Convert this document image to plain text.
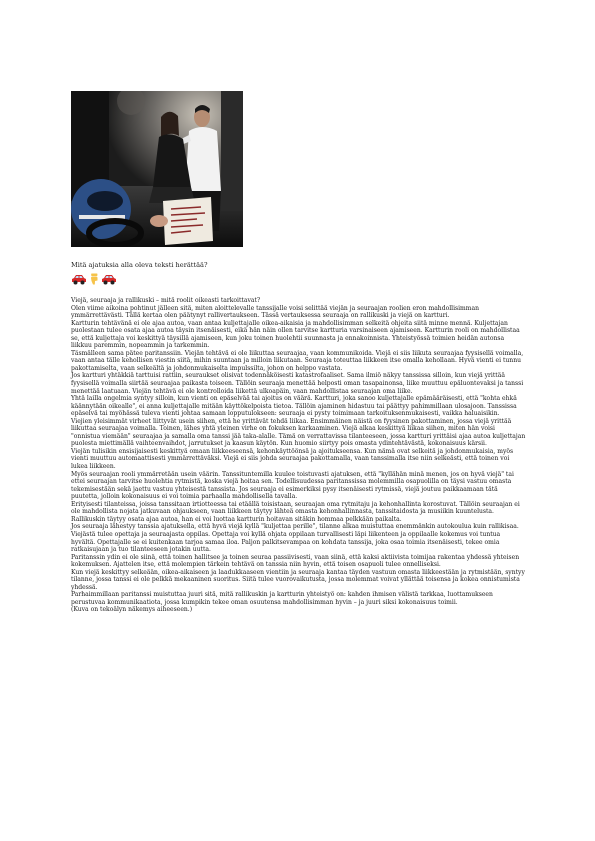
Mitä ajatuksia alla oleva teksti herättää?

Viejä, seuraaja ja rallikuski – mitä roolit oikeasti tarkoittavat?

Olen viime aikoina pohtinut jälleen sitä, miten aloittelevalle tanssijalle voisi selittää viejän ja seuraajan roolien eron mahdollisimman ymmärrettävästi. Tällä kertaa olen päätynyt rallivertaukseen. Tässä vertauksessa seuraaja on rallikuski ja viejä on kartturi.

Kartturin tehtävänä ei ole ajaa autoa, vaan antaa kuljettajalle oikea-aikaisia ja mahdollisimman selkeitä ohjeita siitä minne mennä. Kuljettajan puolestaan tulee osata ajaa autoa täysin itsenäisesti, eikä hän näin ollen tarvitse kartturia varsinaiseen ajamiseen. Kartturin rooli on mahdollistaa se, että kuljettaja voi keskittyä täysillä ajamiseen, kun joku toinen huolehtii suunnasta ja ennakoinnista. Yhteistyössä toimien heidän autonsa liikkuu paremmin, nopeammin ja tarkemmin.

Täsmälleen sama pätee paritanssiin. Viejän tehtävä ei ole liikuttaa seuraajaa, vaan kommunikoida. Viejä ei siis liikuta seuraajaa fyysisellä voimalla, vaan antaa tälle kehollisen viestin siitä, mihin suuntaan ja milloin liikutaan. Seuraaja toteuttaa liikkeen itse omalla kehollaan. Hyvä vienti ei tunnu pakottamiselta, vaan selkeältä ja johdonmukaiselta impulssilta, johon on helppo vastata.

Jos kartturi yhtäkkiä tarttuisi rattiin, seuraukset olisivat todennäköisesti katastrofaaliset. Sama ilmiö näkyy tanssissa silloin, kun viejä yrittää fyysisellä voimalla siirtää seuraajaa paikasta toiseen. Tällöin seuraaja menettää helposti oman tasapainonsa, liike muuttuu epäluontevaksi ja tanssi menettää laatuaan. Viejän tehtävä ei ole kontrolloida liikettä ulkoapäin, vaan mahdollistaa seuraajan oma liike.

Yhtä lailla ongelmia syntyy silloin, kun vienti on epäselvää tai ajoitus on väärä. Kartturi, joka sanoo kuljettajalle epämääräisesti, että "kohta ehkä käännytään oikealle", ei anna kuljettajalle mitään käyttökelpoista tietoa. Tällöin ajaminen hidastuu tai päättyy pahimmillaan ulosajoon. Tanssissa epäselvä tai myöhässä tuleva vienti johtaa samaan lopputulokseen: seuraaja ei pysty toimimaan tarkoituksenmukaisesti, vaikka haluaisikin.

Viejien yleisimmät virheet liittyvät usein siihen, että he yrittävät tehdä liikaa. Ensimmäinen näistä on fyysinen pakottaminen, jossa viejä yrittää liikuttaa seuraajaa voimalla. Toinen, lähes yhtä yleinen virhe on fokuksen karkaaminen. Viejä alkaa keskittyä liikaa siihen, miten hän voisi "onnistua viemään" seuraajaa ja samalla oma tanssi jää taka-alalle. Tämä on verrattavissa tilanteeseen, jossa kartturi yrittäisi ajaa autoa kuljettajan puolesta miettimällä vaihteenvaihdot, jarrutukset ja kaasun käytön. Kun huomio siirtyy pois omasta ydintehtävästä, kokonaisuus kärsii.

Viejän tulisikin ensisijaisesti keskittyä omaan liikkeeseensä, kehonkäyttöönsä ja ajoitukseensa. Kun nämä ovat selkeitä ja johdonmukaisia, myös vienti muuttuu automaattisesti ymmärrettäväksi. Viejä ei siis johda seuraajaa pakottamalla, vaan tanssimalla itse niin selkeästi, että toinen voi lukea liikkeen.

Myös seuraajan rooli ymmärretään usein väärin. Tanssituntemilla kuulee toistuvasti ajatuksen, että "kyllähän minä menen, jos on hyvä viejä" tai ettei seuraajan tarvitse huolehtia rytmistä, koska viejä hoitaa sen. Todellisuudessa paritanssissa molemmilla osapuolilla on täysi vastuu omasta tekemisestään sekä jaettu vastuu yhteisestä tanssista. Jos seuraaja ei esimerkiksi pysy itsenäisesti rytmissä, viejä joutuu paikkaamaan tätä puutetta, jolloin kokonaisuus ei voi toimia parhaalla mahdollisella tavalla.

Erityisesti tilanteissa, joissa tanssitaan irtiotteessa tai etäällä toisistaan, seuraajan oma rytmitaju ja kehonhallinta korostuvat. Tällöin seuraajan ei ole mahdollista nojata jatkuvaan ohjaukseen, vaan liikkeen täytyy lähteä omasta kehonhallinnasta, tanssitaidosta ja musiikin kuuntelusta. Rallikuskin täytyy osata ajaa autoa, han ei voi luottaa kartturin hoitavan sitäkin hommaa pelkkään paikalta.

Jos seuraaja lähestyy tanssia ajatuksella, että hyvä viejä kyllä "kuljettaa perille", tilanne alkaa muistuttaa enemmänkin autokoulua kuin rallikisaa. Viejästä tulee opettaja ja seuraajasta oppilas. Opettaja voi kyllä ohjata oppilaan turvallisesti läpi liikenteen ja oppilaalle kokemus voi tuntua hyvältä. Opettajalle se ei kuitenkaan tarjoa samaa iloa. Paljon palkitsevampaa on kohdata tanssija, joka osaa toimia itsenäisesti, tekee omia ratkaisujaan ja tuo tilanteeseen jotakin uutta.

Paritanssin ydin ei ole siinä, että toinen hallitsee ja toinen seuraa passiivisesti, vaan siinä, että kaksi aktiivista toimijaa rakentaa yhdessä yhteisen kokemuksen. Ajattelen itse, että molempien tärkein tehtävä on tanssia niin hyvin, että toisen osapuoli tulee onnelliseksi.

Kun viejä keskittyy selkeään, oikea-aikaiseen ja laadukkaaseen vientiin ja seuraaja kantaa täyden vastuun omasta liikkeestään ja rytmistään, syntyy tilanne, jossa tanssi ei ole pelkkä mekaaninen suoritus. Siitä tulee vuorovaikutusta, jossa molemmat voivat yllättää toisensa ja kokea onnistumista yhdessä.

Parhaimmillaan paritanssi muistuttaa juuri sitä, mitä rallikuskin ja kartturin yhteistyö on: kahden ihmisen välistä tarkkaa, luottamukseen perustuvaa kommunikaatiota, jossa kumpikin tekee oman osuutensa mahdollisimman hyvin – ja juuri siksi kokonaisuus toimii.

(Kuva on tekoälyn näkemys aiheeseen.)
